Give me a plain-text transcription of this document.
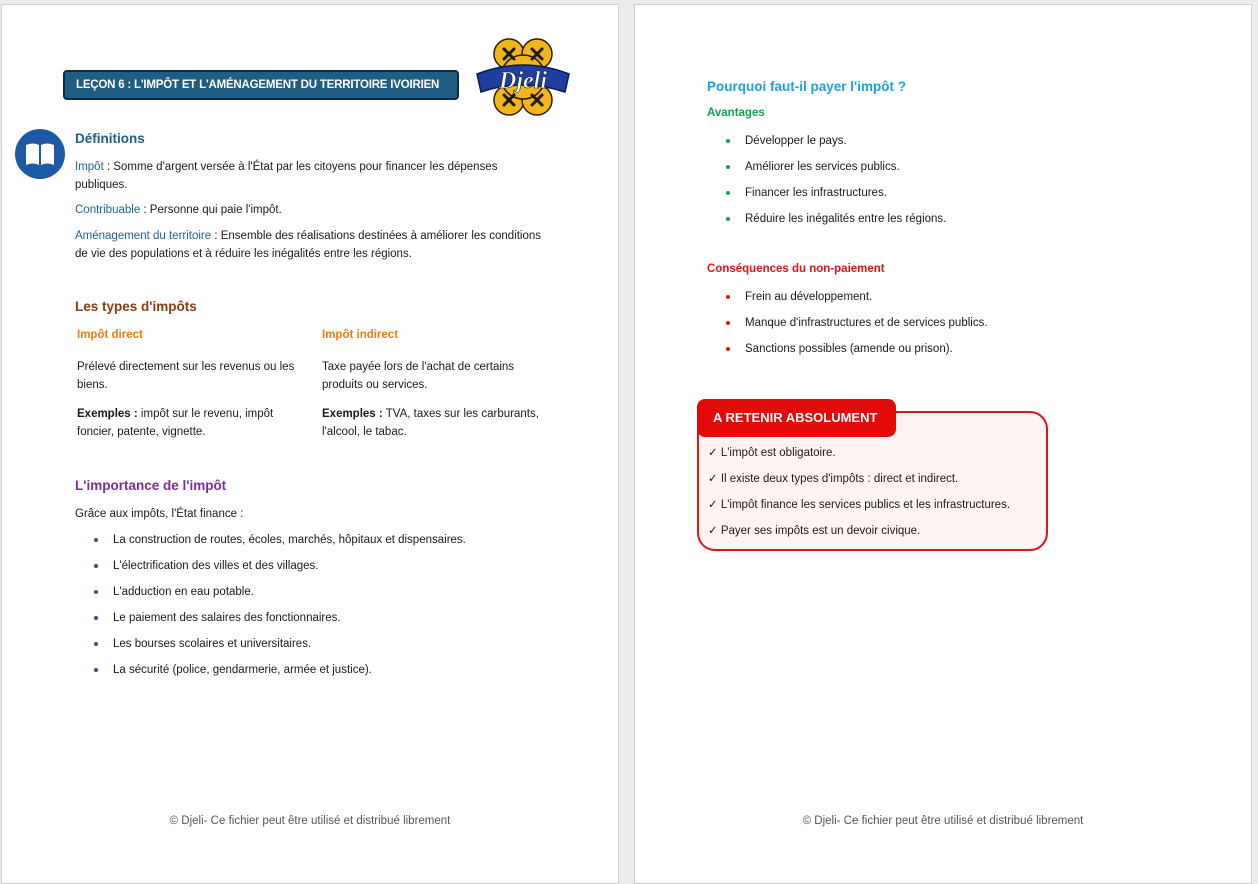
LEÇON 6 : L'IMPÔT ET L'AMÉNAGEMENT DU TERRITOIRE IVOIRIEN	Djeli
Définitions
Impôt : Somme d'argent versée à l'État par les citoyens pour financer les dépenses publiques.
Contribuable : Personne qui paie l'impôt.
Aménagement du territoire : Ensemble des réalisations destinées à améliorer les conditions de vie des populations et à réduire les inégalités entre les régions.
Les types d'impôts
Impôt direct	Impôt indirect
Prélevé directement sur les revenus ou les biens.
Taxe payée lors de l'achat de certains produits ou services.
Exemples : impôt sur le revenu, impôt foncier, patente, vignette.
Exemples : TVA, taxes sur les carburants, l'alcool, le tabac.
L'importance de l'impôt
Grâce aux impôts, l'État finance :
La construction de routes, écoles, marchés, hôpitaux et dispensaires.
L'électrification des villes et des villages.
L'adduction en eau potable.
Le paiement des salaires des fonctionnaires.
Les bourses scolaires et universitaires.
La sécurité (police, gendarmerie, armée et justice).
© Djeli- Ce fichier peut être utilisé et distribué librement
Pourquoi faut-il payer l'impôt ?
Avantages
Développer le pays.
Améliorer les services publics.
Financer les infrastructures.
Réduire les inégalités entre les régions.
Conséquences du non-paiement
Frein au développement.
Manque d'infrastructures et de services publics.
Sanctions possibles (amende ou prison).
A RETENIR ABSOLUMENT
✓ L'impôt est obligatoire.
✓ Il existe deux types d'impôts : direct et indirect.
✓ L'impôt finance les services publics et les infrastructures.
✓ Payer ses impôts est un devoir civique.
© Djeli- Ce fichier peut être utilisé et distribué librement
